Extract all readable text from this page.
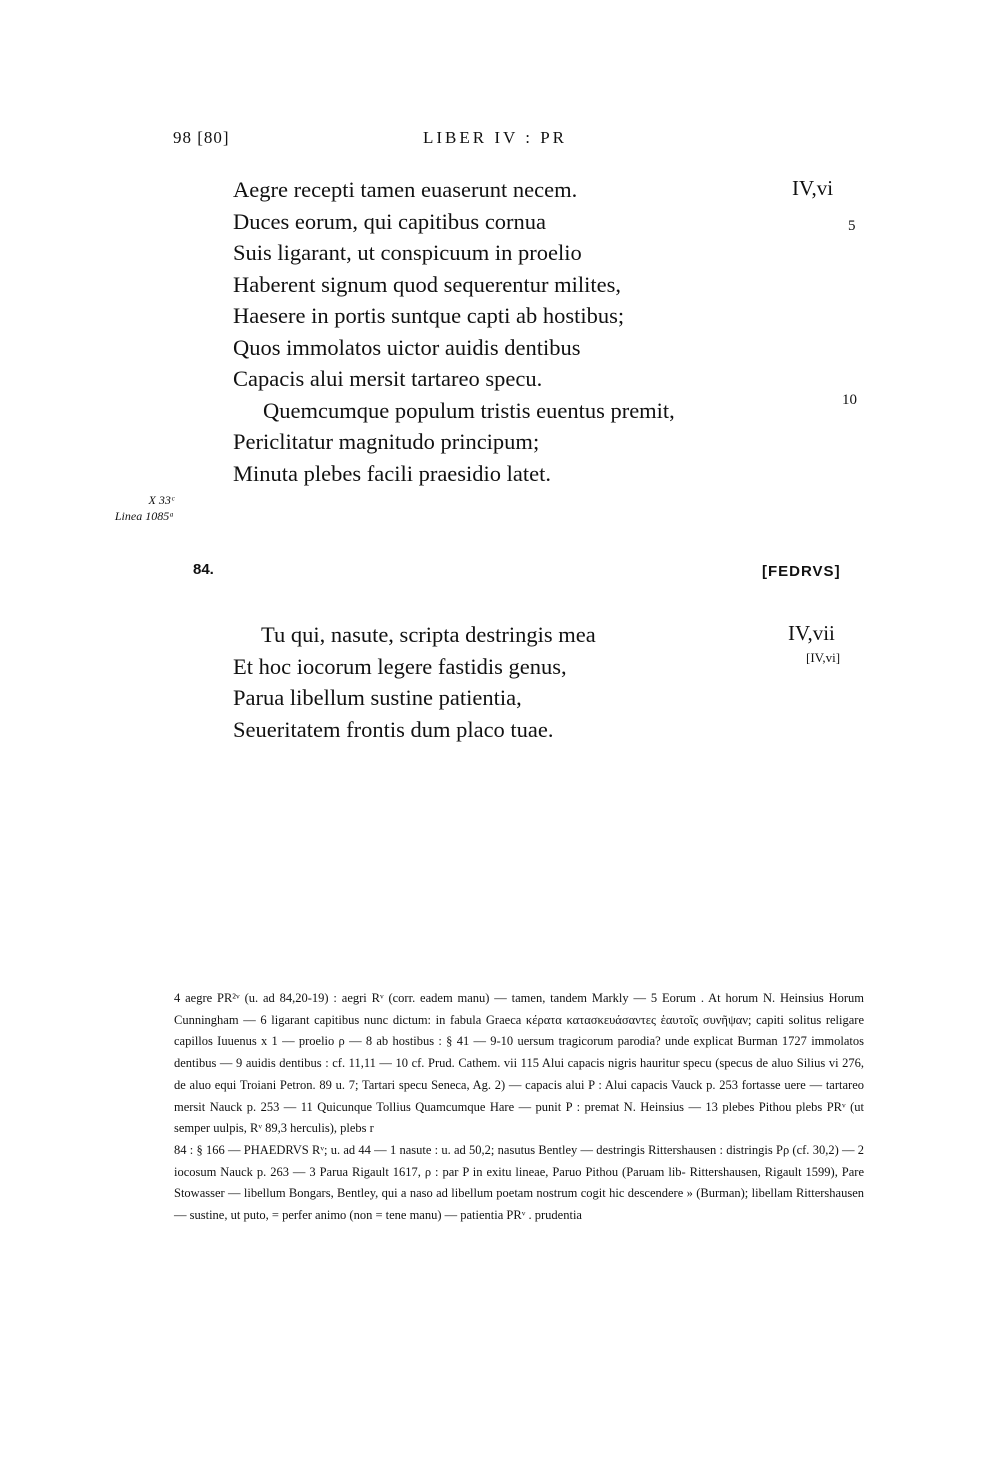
98 [80]	LIBER IV : PR
Aegre recepti tamen euaserunt necem.
Duces eorum, qui capitibus cornua
Suis ligarant, ut conspicuum in proelio
Haberent signum quod sequerentur milites,
Haesere in portis suntque capti ab hostibus;
Quos immolatos uictor auidis dentibus
Capacis alui mersit tartareo specu.
Quemcumque populum tristis euentus premit,
Periclitatur magnitudo principum;
Minuta plebes facili praesidio latet.
IV,vi
5
10
X 33ᶜ
Linea 1085ᵃ
84.	[FEDRVS]
Tu qui, nasute, scripta destringis mea
Et hoc iocorum legere fastidis genus,
Parua libellum sustine patientia,
Seueritatem frontis dum placo tuae.
IV,vii
[IV,vi]

4 aegre PR²ᵛ (u. ad 84,20-19) : aegri Rᵛ (corr. eadem manu) — tamen, tandem Markly — 5 Eorum . At horum N. Heinsius Horum Cunningham — 6 ligarant capitibus nunc dictum: in fabula Graeca κέρατα κατασκευάσαντες ἑαυτοῖς συνῆψαν; capiti solitus religare capillos Iuuenus x 1 — proelio ρ — 8 ab hostibus : § 41 — 9-10 uersum tragicorum parodia? unde explicat Burman 1727 immolatos dentibus — 9 auidis dentibus : cf. 11,11 — 10 cf. Prud. Cathem. vii 115 Alui capacis nigris hauritur specu (specus de aluo Silius vi 276, de aluo equi Troiani Petron. 89 u. 7; Tartari specu Seneca, Ag. 2) — capacis alui P : Alui capacis Vauck p. 253 fortasse uere — tartareo mersit Nauck p. 253 — 11 Quicunque Tollius Quamcumque Hare — punit P : premat N. Heinsius — 13 plebes Pithou plebs PRᵛ (ut semper uulpis, Rᵛ 89,3 herculis), plebs r

84 : § 166 — PHAEDRVS Rᵛ; u. ad 44 — 1 nasute : u. ad 50,2; nasutus Bentley — destringis Rittershausen : distringis Pρ (cf. 30,2) — 2 iocosum Nauck p. 263 — 3 Parua Rigault 1617, ρ : par P in exitu lineae, Paruo Pithou (Paruam lib- Rittershausen, Rigault 1599), Pare Stowasser — libellum Bongars, Bentley, qui a naso ad libellum poetam nostrum cogit hic descendere » (Burman); libellam Rittershausen — sustine, ut puto, = perfer animo (non = tene manu) — patientia PRᵛ . prudentia
